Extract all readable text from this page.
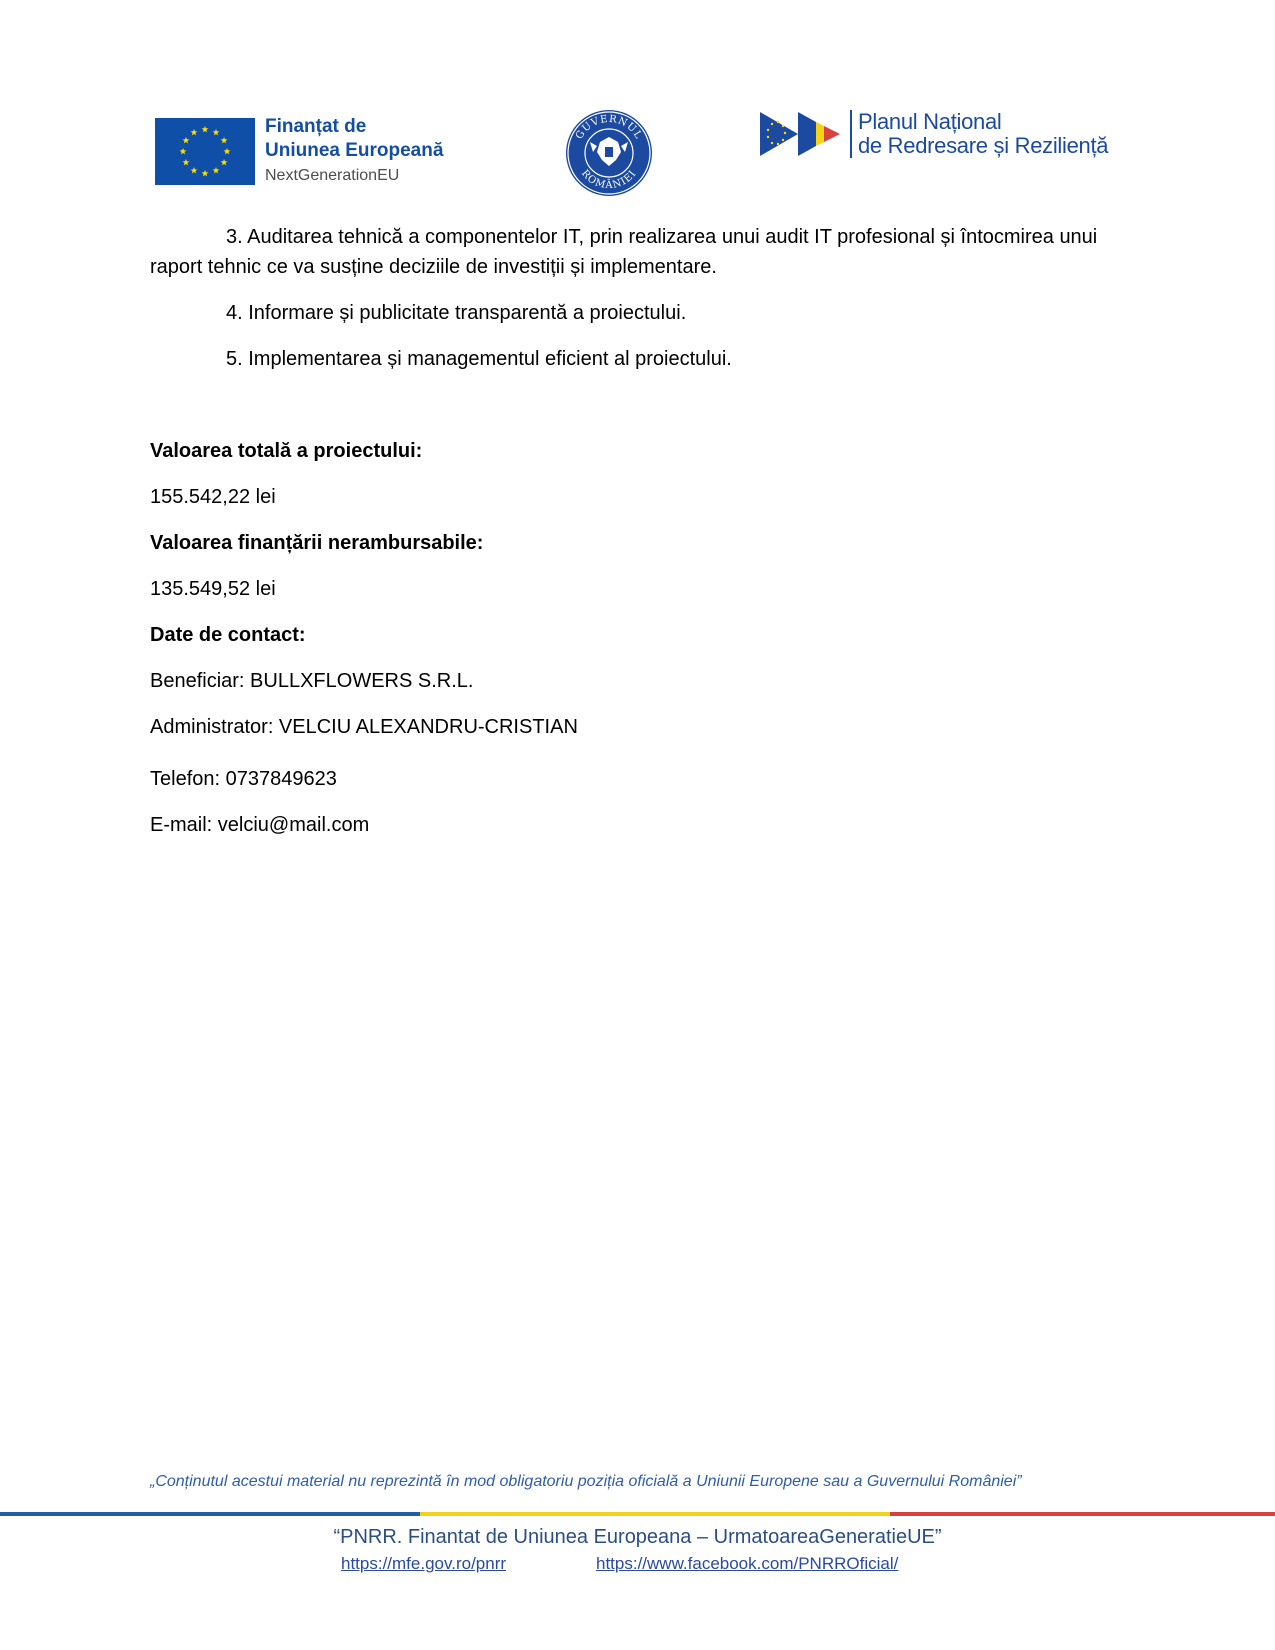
Finanțat de
Uniunea Europeană
NextGenerationEU
GUVERNUL
ROMÂNIEI
Planul Național
de Redresare și Reziliență

3. Auditarea tehnică a componentelor IT, prin realizarea unui audit IT profesional și întocmirea unui raport tehnic ce va susține deciziile de investiții și implementare.

4. Informare și publicitate transparentă a proiectului.

5. Implementarea și managementul eficient al proiectului.

Valoarea totală a proiectului:

155.542,22 lei

Valoarea finanțării nerambursabile:

135.549,52 lei

Date de contact:

Beneficiar: BULLXFLOWERS S.R.L.

Administrator: VELCIU ALEXANDRU-CRISTIAN

Telefon: 0737849623

E-mail: velciu@mail.com

„Conținutul acestui material nu reprezintă în mod obligatoriu poziția oficială a Uniunii Europene sau a Guvernului României”
“PNRR. Finantat de Uniunea Europeana – UrmatoareaGeneratieUE”
https://mfe.gov.ro/pnrr	https://www.facebook.com/PNRROficial/
